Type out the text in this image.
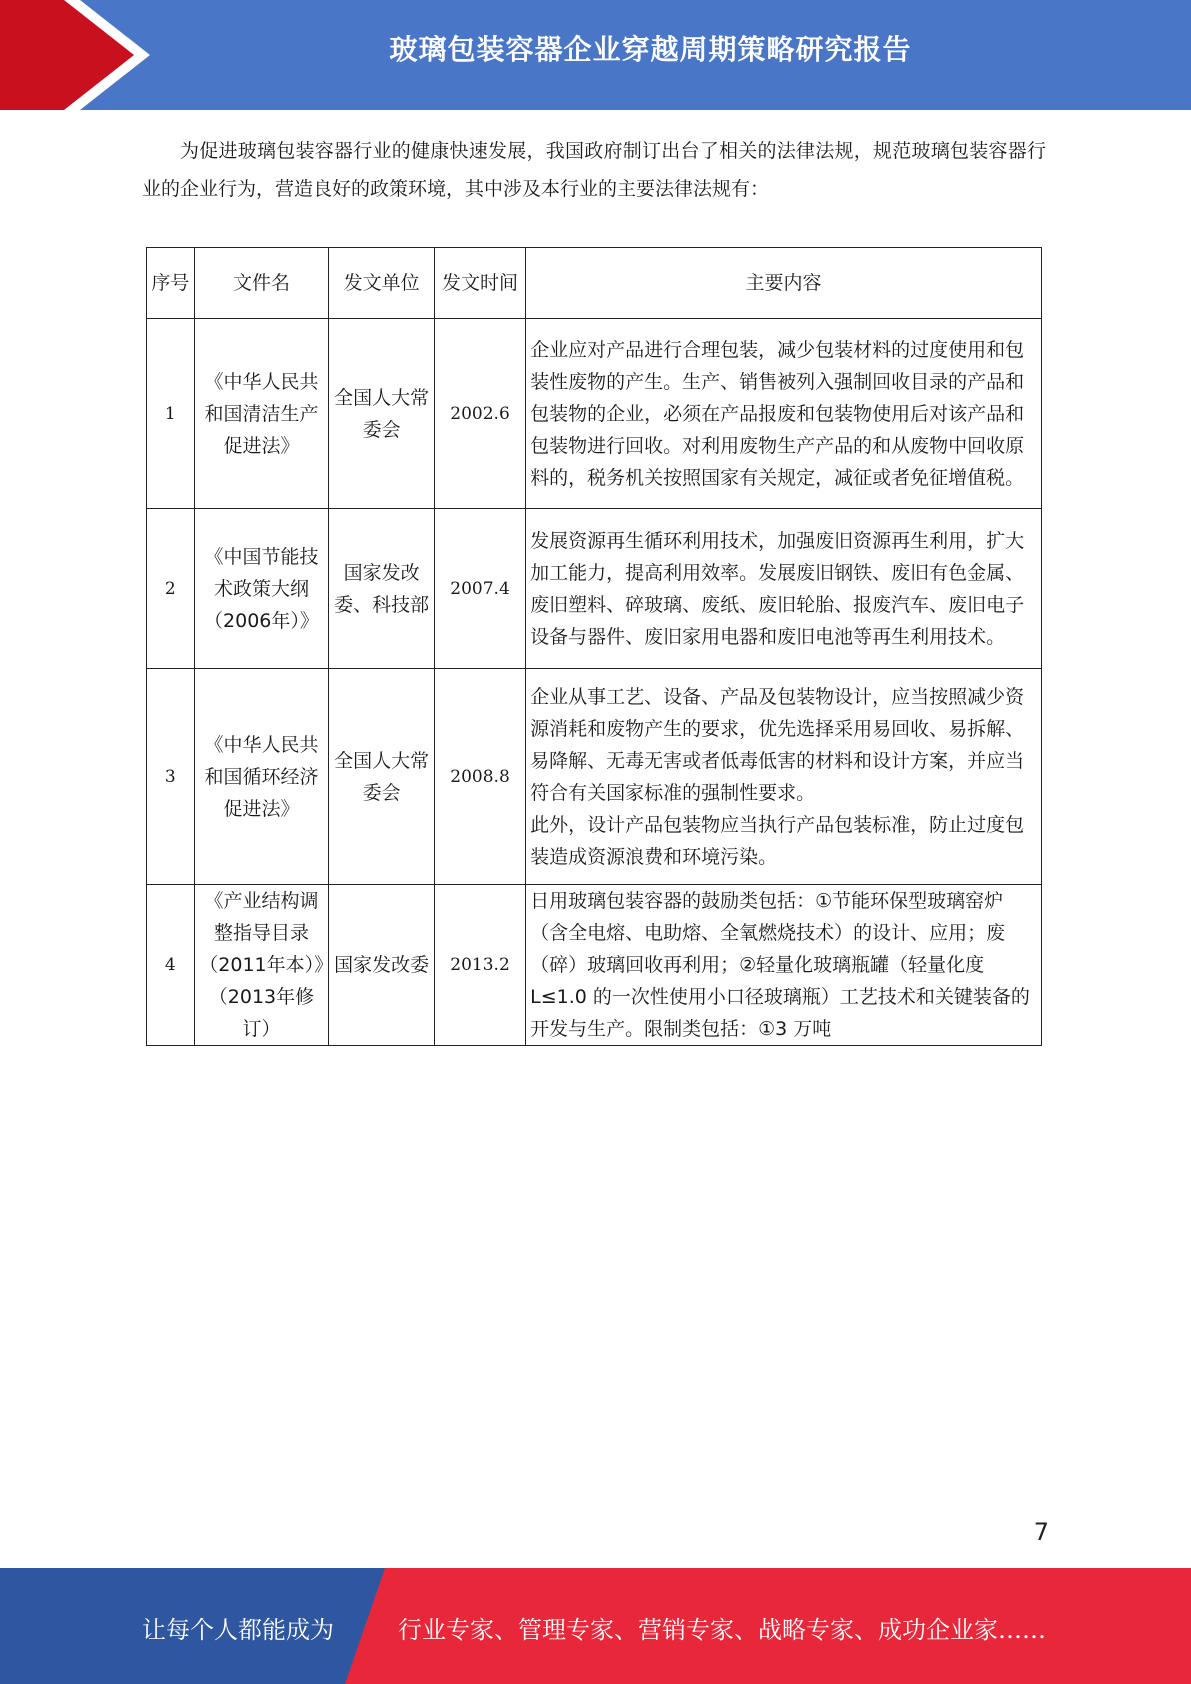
玻璃包装容器企业穿越周期策略研究报告

为促进玻璃包装容器行业的健康快速发展，我国政府制订出台了相关的法律法规，规范玻璃包装容器行业的企业行为，营造良好的政策环境，其中涉及本行业的主要法律法规有：

序号	文件名	发文单位	发文时间	主要内容
1	《中华人民共和国清洁生产促进法》	全国人大常委会	2002.6	企业应对产品进行合理包装，减少包装材料的过度使用和包装性废物的产生。生产、销售被列入强制回收目录的产品和包装物的企业，必须在产品报废和包装物使用后对该产品和包装物进行回收。对利用废物生产产品的和从废物中回收原料的，税务机关按照国家有关规定，减征或者免征增值税。
2	《中国节能技术政策大纲（2006年）》	国家发改委、科技部	2007.4	发展资源再生循环利用技术，加强废旧资源再生利用，扩大加工能力，提高利用效率。发展废旧钢铁、废旧有色金属、废旧塑料、碎玻璃、废纸、废旧轮胎、报废汽车、废旧电子设备与器件、废旧家用电器和废旧电池等再生利用技术。
3	《中华人民共和国循环经济促进法》	全国人大常委会	2008.8	企业从事工艺、设备、产品及包装物设计，应当按照减少资源消耗和废物产生的要求，优先选择采用易回收、易拆解、易降解、无毒无害或者低毒低害的材料和设计方案，并应当符合有关国家标准的强制性要求。
此外，设计产品包装物应当执行产品包装标准，防止过度包装造成资源浪费和环境污染。

4	《产业结构调整指导目录（2011年本）》（2013年修订）	国家发改委	2013.2	日用玻璃包装容器的鼓励类包括：①节能环保型玻璃窑炉（含全电熔、电助熔、全氧燃烧技术）的设计、应用；废（碎）玻璃回收再利用；②轻量化玻璃瓶罐（轻量化度 L≤1.0 的一次性使用小口径玻璃瓶）工艺技术和关键装备的开发与生产。限制类包括：①3 万吨
7
让每个人都能成为	行业专家、管理专家、营销专家、战略专家、成功企业家……
